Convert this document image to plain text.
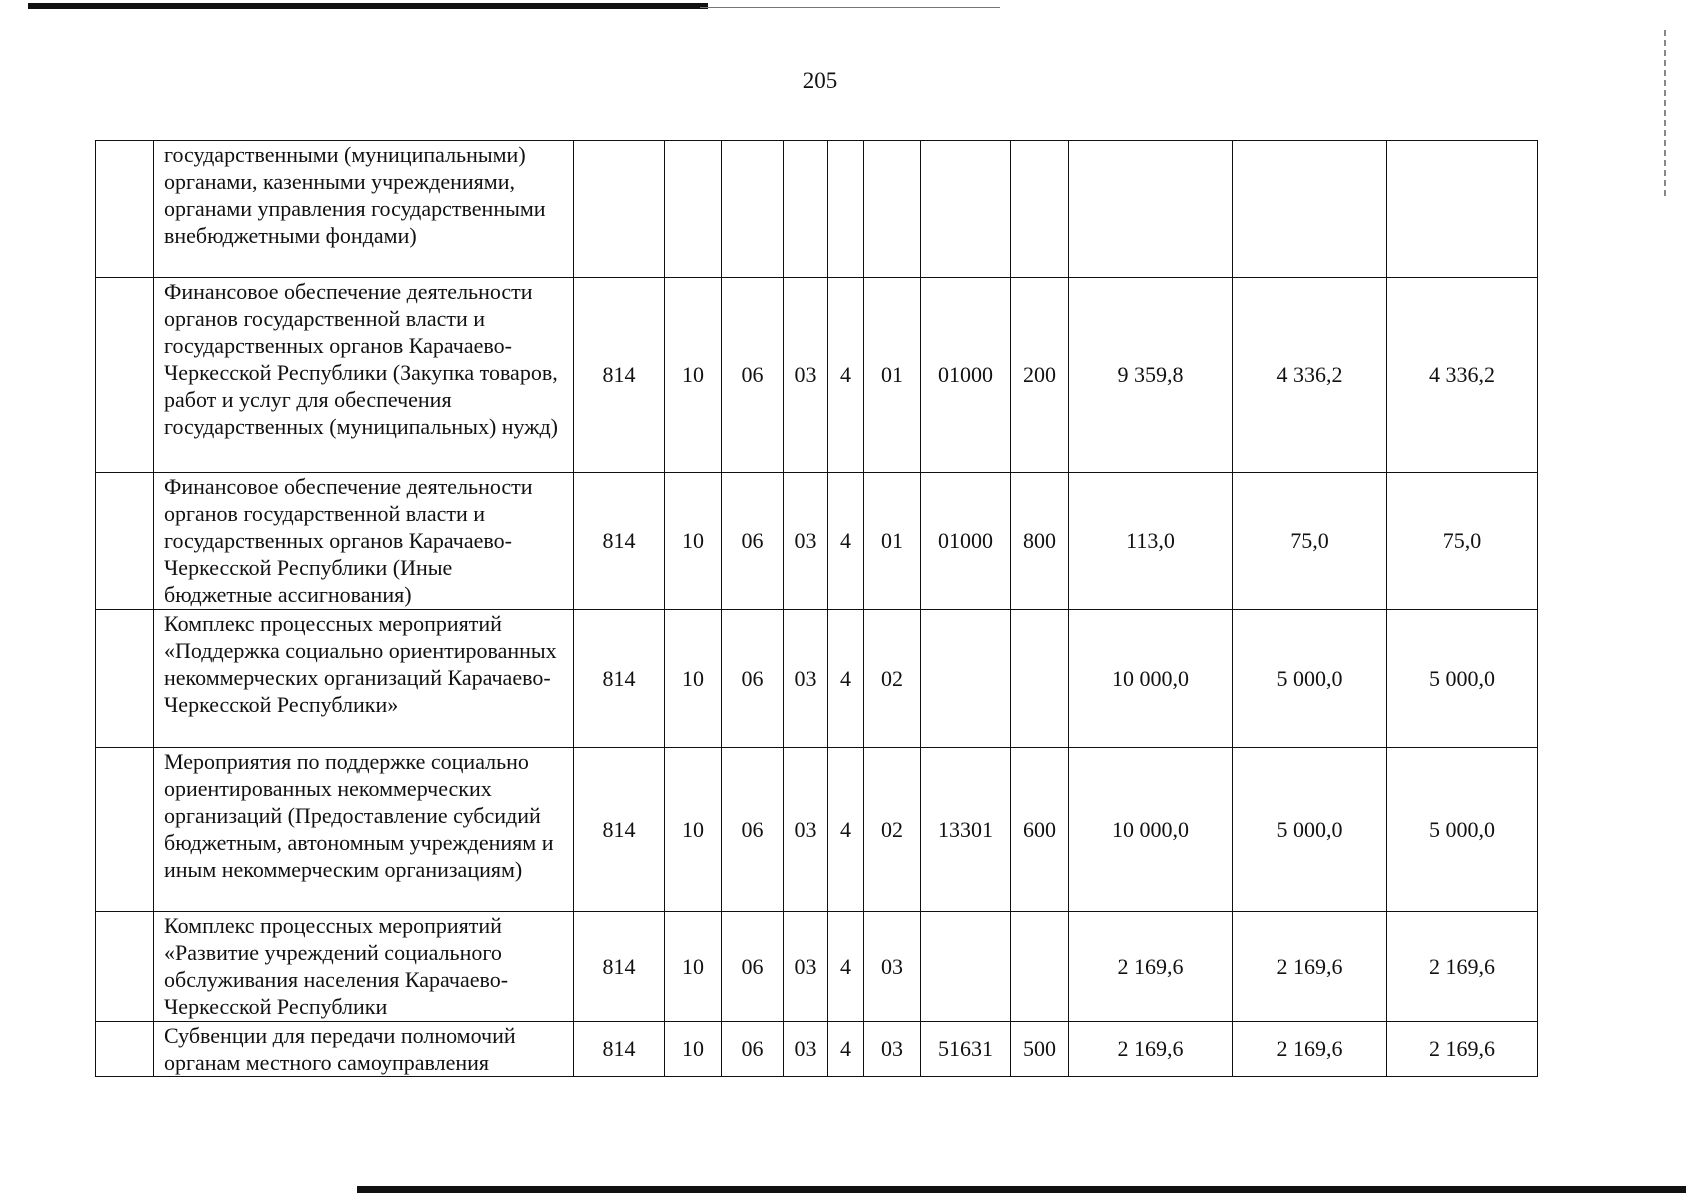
205
	государственными (муниципальными) органами, казенными учреждениями, органами управления государственными внебюджетными фондами)											
	Финансовое обеспечение деятельности органов государственной власти и государственных органов Карачаево-Черкесской Республики (Закупка товаров, работ и услуг для обеспечения государственных (муниципальных) нужд)	814	10	06	03	4	01	01000	200	9 359,8	4 336,2	4 336,2
	Финансовое обеспечение деятельности органов государственной власти и государственных органов Карачаево-Черкесской Республики (Иные бюджетные ассигнования)	814	10	06	03	4	01	01000	800	113,0	75,0	75,0
	Комплекс процессных мероприятий «Поддержка социально ориентированных некоммерческих организаций Карачаево-Черкесской Республики»	814	10	06	03	4	02			10 000,0	5 000,0	5 000,0
	Мероприятия по поддержке социально ориентированных некоммерческих организаций (Предоставление субсидий бюджетным, автономным учреждениям и иным некоммерческим организациям)	814	10	06	03	4	02	13301	600	10 000,0	5 000,0	5 000,0
	Комплекс процессных мероприятий «Развитие учреждений социального обслуживания населения Карачаево-Черкесской Республики	814	10	06	03	4	03			2 169,6	2 169,6	2 169,6
	Субвенции для передачи полномочий органам местного самоуправления	814	10	06	03	4	03	51631	500	2 169,6	2 169,6	2 169,6
